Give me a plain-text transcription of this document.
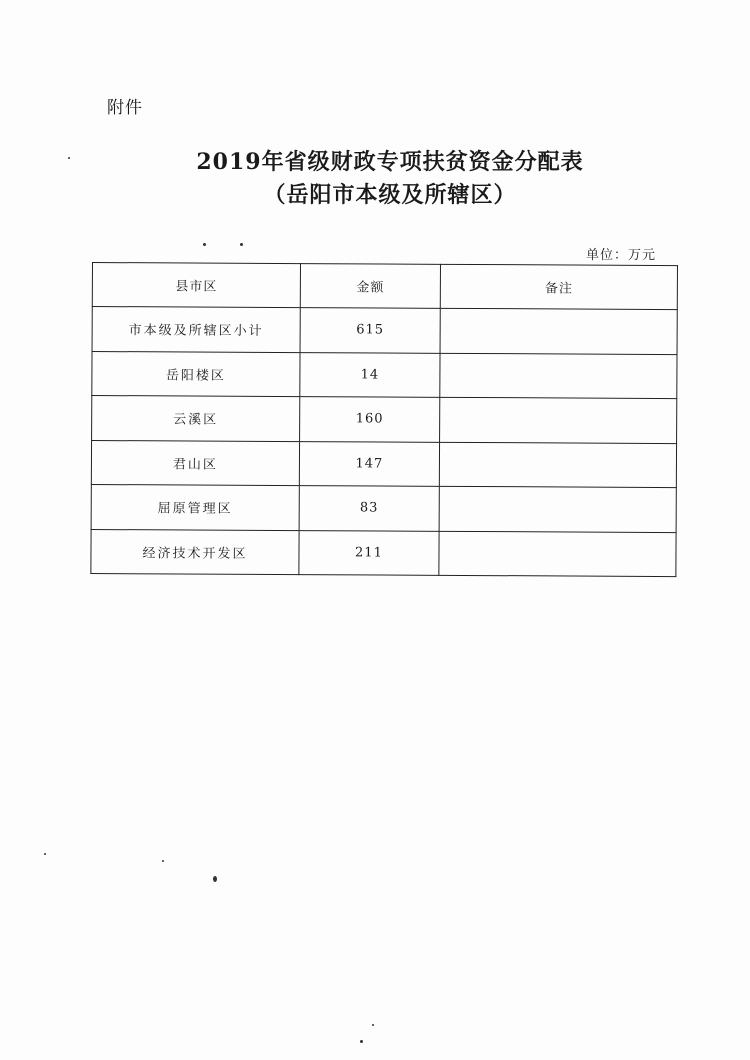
附件
2019年省级财政专项扶贫资金分配表
（岳阳市本级及所辖区）
单位：万元
县市区	金额	备注
市本级及所辖区小计	615	
岳阳楼区	14	
云溪区	160	
君山区	147	
屈原管理区	83	
经济技术开发区	211	
